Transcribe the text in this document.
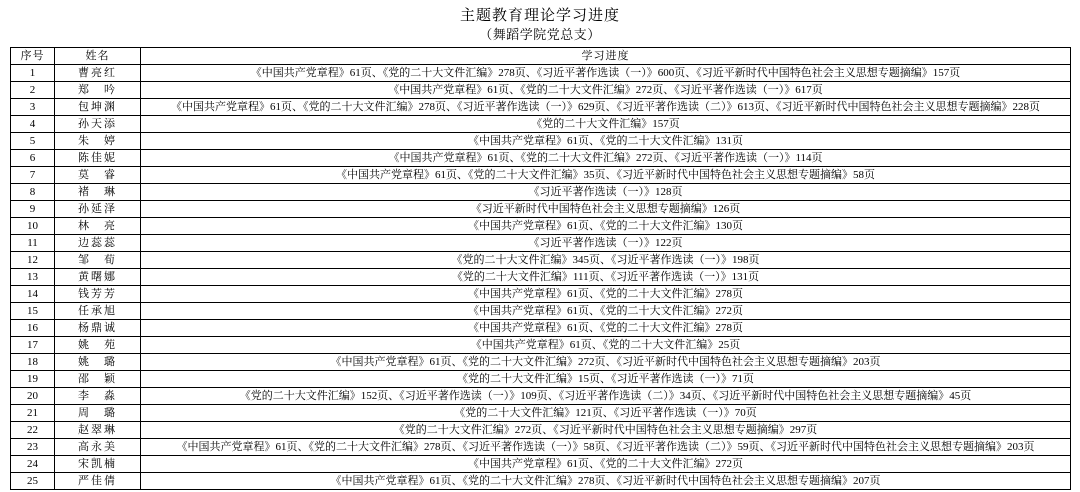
主题教育理论学习进度
（舞蹈学院党总支）
序号	姓名	学习进度
1	曹亮红	《中国共产党章程》61页、《党的二十大文件汇编》278页、《习近平著作选读（一）》600页、《习近平新时代中国特色社会主义思想专题摘编》157页
2	郑　吟	《中国共产党章程》61页、《党的二十大文件汇编》272页、《习近平著作选读（一）》617页
3	包坤渊	《中国共产党章程》61页、《党的二十大文件汇编》278页、《习近平著作选读（一）》629页、《习近平著作选读（二）》613页、《习近平新时代中国特色社会主义思想专题摘编》228页
4	孙天添	《党的二十大文件汇编》157页
5	朱　婷	《中国共产党章程》61页、《党的二十大文件汇编》131页
6	陈佳妮	《中国共产党章程》61页、《党的二十大文件汇编》272页、《习近平著作选读（一）》114页
7	莫　睿	《中国共产党章程》61页、《党的二十大文件汇编》35页、《习近平新时代中国特色社会主义思想专题摘编》58页
8	褚　琳	《习近平著作选读（一）》128页
9	孙延泽	《习近平新时代中国特色社会主义思想专题摘编》126页
10	林　亮	《中国共产党章程》61页、《党的二十大文件汇编》130页
11	边蕊蕊	《习近平著作选读（一）》122页
12	邹　荀	《党的二十大文件汇编》345页、《习近平著作选读（一）》198页
13	黄曙娜	《党的二十大文件汇编》111页、《习近平著作选读（一）》131页
14	钱芳芳	《中国共产党章程》61页、《党的二十大文件汇编》278页
15	任承旭	《中国共产党章程》61页、《党的二十大文件汇编》272页
16	杨鼎诚	《中国共产党章程》61页、《党的二十大文件汇编》278页
17	姚　苑	《中国共产党章程》61页、《党的二十大文件汇编》25页
18	姚　璐	《中国共产党章程》61页、《党的二十大文件汇编》272页、《习近平新时代中国特色社会主义思想专题摘编》203页
19	邵　颖	《党的二十大文件汇编》15页、《习近平著作选读（一）》71页
20	李　淼	《党的二十大文件汇编》152页、《习近平著作选读（一）》109页、《习近平著作选读（二）》34页、《习近平新时代中国特色社会主义思想专题摘编》45页
21	周　璐	《党的二十大文件汇编》121页、《习近平著作选读（一）》70页
22	赵翠琳	《党的二十大文件汇编》272页、《习近平新时代中国特色社会主义思想专题摘编》297页
23	高永美	《中国共产党章程》61页、《党的二十大文件汇编》278页、《习近平著作选读（一）》58页、《习近平著作选读（二）》59页、《习近平新时代中国特色社会主义思想专题摘编》203页
24	宋凯楠	《中国共产党章程》61页、《党的二十大文件汇编》272页
25	严佳倩	《中国共产党章程》61页、《党的二十大文件汇编》278页、《习近平新时代中国特色社会主义思想专题摘编》207页
